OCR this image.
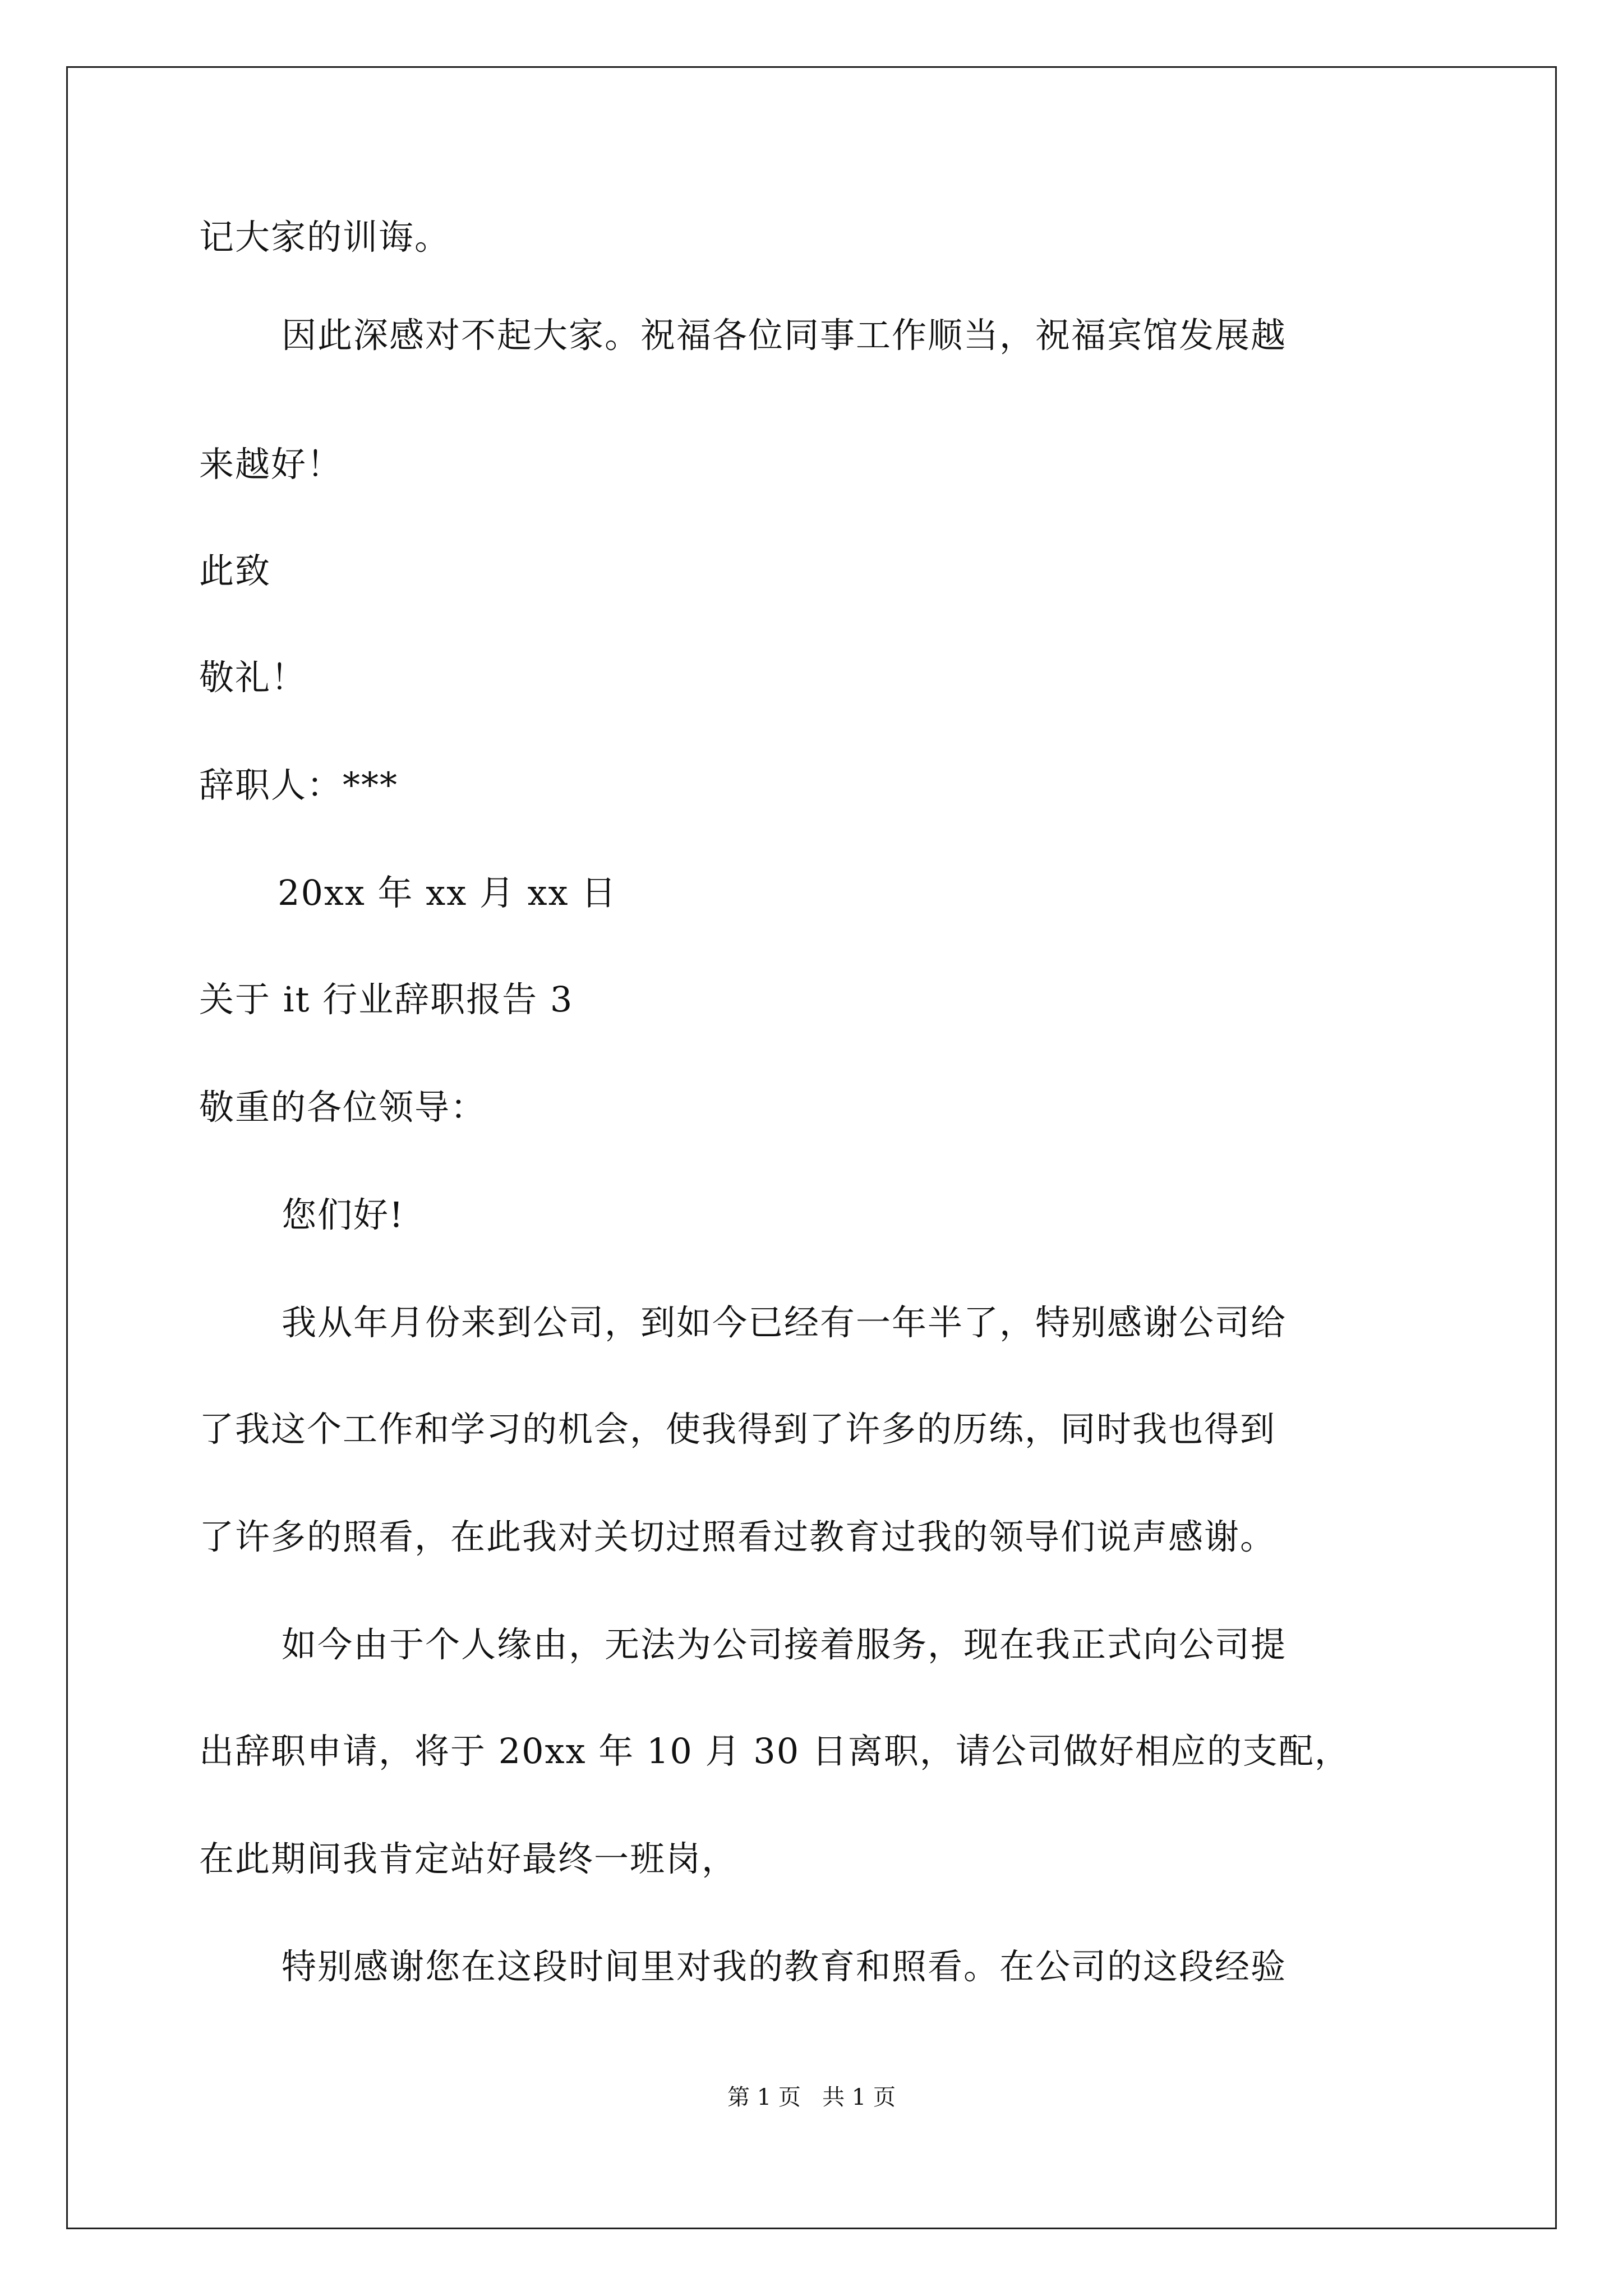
记大家的训诲。
因此深感对不起大家。祝福各位同事工作顺当，祝福宾馆发展越
来越好！
此致
敬礼！
辞职人：***
20xx 年 xx 月 xx 日
关于 it 行业辞职报告 3
敬重的各位领导：
您们好!
我从年月份来到公司，到如今已经有一年半了，特别感谢公司给
了我这个工作和学习的机会，使我得到了许多的历练，同时我也得到
了许多的照看，在此我对关切过照看过教育过我的领导们说声感谢。
如今由于个人缘由，无法为公司接着服务，现在我正式向公司提
出辞职申请，将于 20xx 年 10 月 30 日离职，请公司做好相应的支配，
在此期间我肯定站好最终一班岗，
特别感谢您在这段时间里对我的教育和照看。在公司的这段经验
第 1 页   共 1 页
